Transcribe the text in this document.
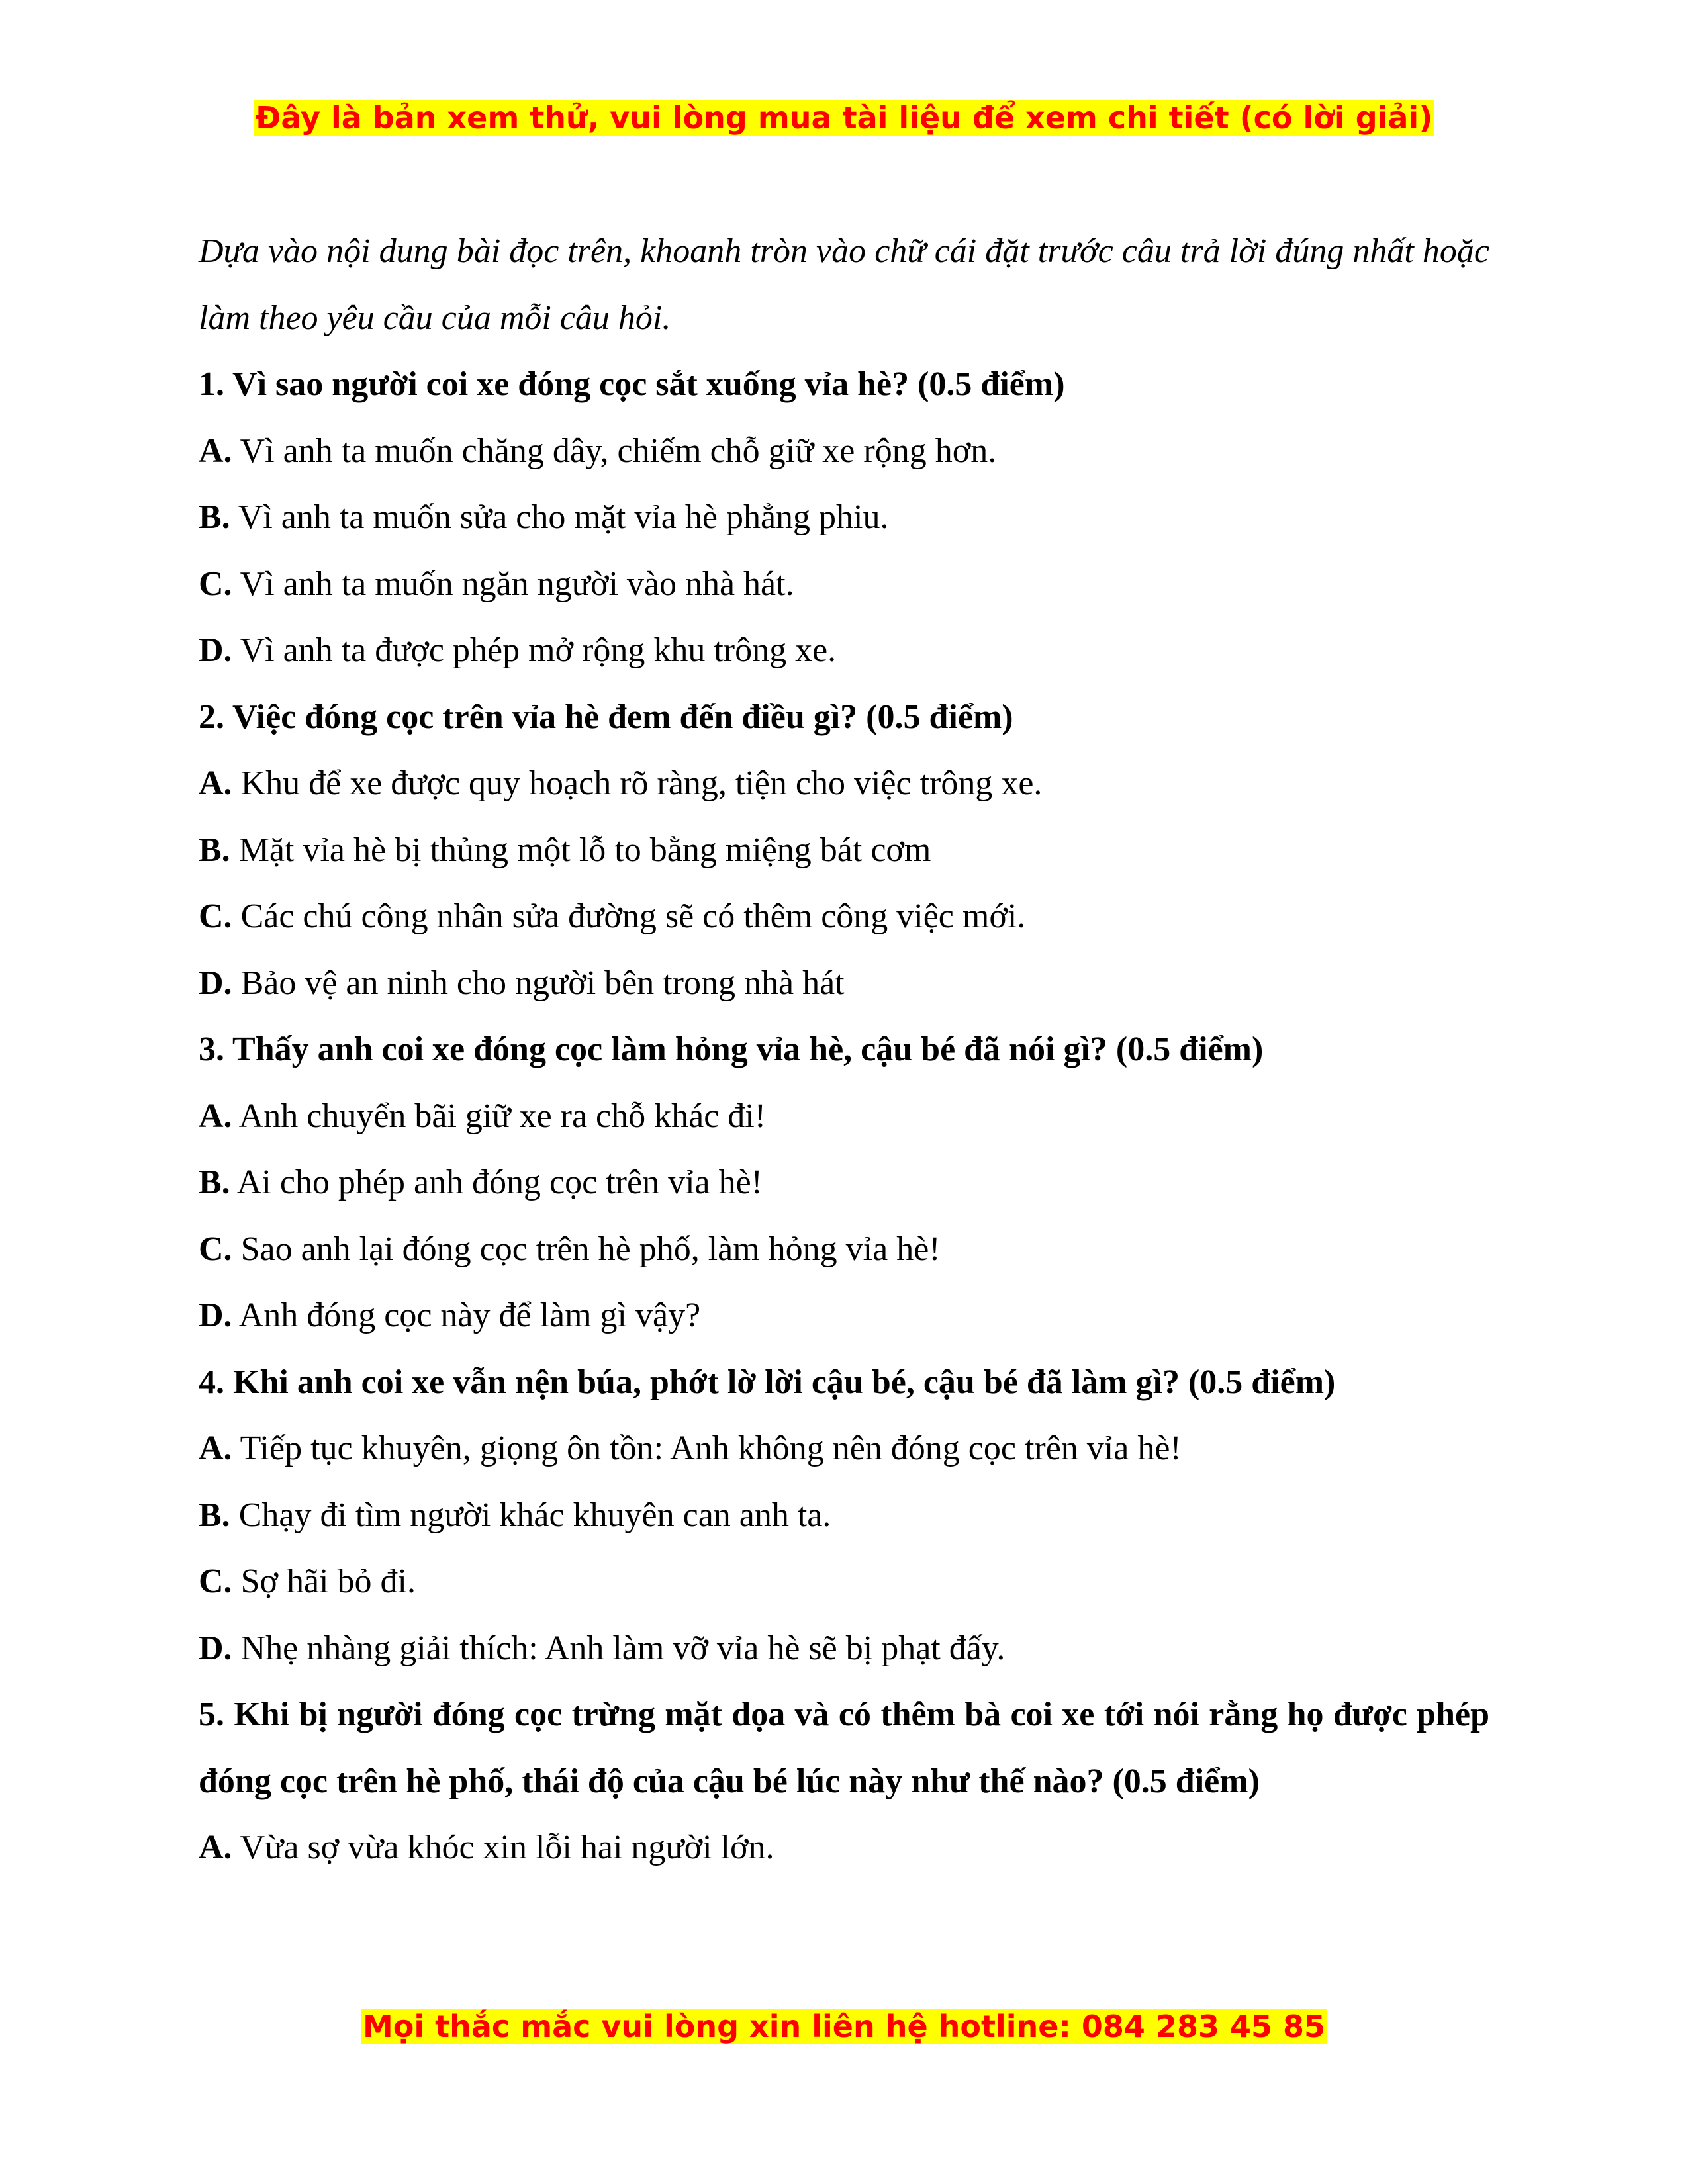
Đây là bản xem thử, vui lòng mua tài liệu để xem chi tiết (có lời giải)

Dựa vào nội dung bài đọc trên, khoanh tròn vào chữ cái đặt trước câu trả lời đúng nhất hoặc làm theo yêu cầu của mỗi câu hỏi.

1. Vì sao người coi xe đóng cọc sắt xuống vỉa hè? (0.5 điểm)

A. Vì anh ta muốn chăng dây, chiếm chỗ giữ xe rộng hơn.

B. Vì anh ta muốn sửa cho mặt vỉa hè phẳng phiu.

C. Vì anh ta muốn ngăn người vào nhà hát.

D. Vì anh ta được phép mở rộng khu trông xe.

2. Việc đóng cọc trên vỉa hè đem đến điều gì? (0.5 điểm)

A. Khu để xe được quy hoạch rõ ràng, tiện cho việc trông xe.

B. Mặt vỉa hè bị thủng một lỗ to bằng miệng bát cơm

C. Các chú công nhân sửa đường sẽ có thêm công việc mới.

D. Bảo vệ an ninh cho người bên trong nhà hát

3. Thấy anh coi xe đóng cọc làm hỏng vỉa hè, cậu bé đã nói gì? (0.5 điểm)

A. Anh chuyển bãi giữ xe ra chỗ khác đi!

B. Ai cho phép anh đóng cọc trên vỉa hè!

C. Sao anh lại đóng cọc trên hè phố, làm hỏng vỉa hè!

D. Anh đóng cọc này để làm gì vậy?

4. Khi anh coi xe vẫn nện búa, phớt lờ lời cậu bé, cậu bé đã làm gì? (0.5 điểm)

A. Tiếp tục khuyên, giọng ôn tồn: Anh không nên đóng cọc trên vỉa hè!

B. Chạy đi tìm người khác khuyên can anh ta.

C. Sợ hãi bỏ đi.

D. Nhẹ nhàng giải thích: Anh làm vỡ vỉa hè sẽ bị phạt đấy.

5. Khi bị người đóng cọc trừng mặt dọa và có thêm bà coi xe tới nói rằng họ được phép đóng cọc trên hè phố, thái độ của cậu bé lúc này như thế nào? (0.5 điểm)

A. Vừa sợ vừa khóc xin lỗi hai người lớn.

Mọi thắc mắc vui lòng xin liên hệ hotline: 084 283 45 85
